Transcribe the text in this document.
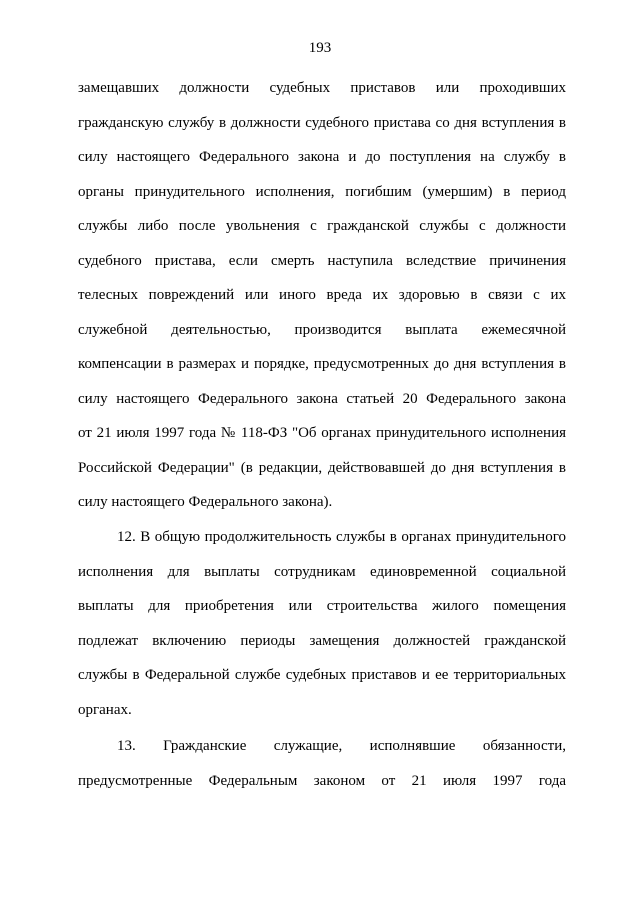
193

замещавших должности судебных приставов или проходивших

гражданскую службу в должности судебного пристава со дня вступления в

силу настоящего Федерального закона и до поступления на службу в

органы принудительного исполнения, погибшим (умершим) в период

службы либо после увольнения с гражданской службы с должности

судебного пристава, если смерть наступила вследствие причинения

телесных повреждений или иного вреда их здоровью в связи с их

служебной деятельностью, производится выплата ежемесячной

компенсации в размерах и порядке, предусмотренных до дня вступления в

силу настоящего Федерального закона статьей 20 Федерального закона

от 21 июля 1997 года № 118-ФЗ "Об органах принудительного исполнения

Российской Федерации" (в редакции, действовавшей до дня вступления в

силу настоящего Федерального закона).

12. В общую продолжительность службы в органах принудительного

исполнения для выплаты сотрудникам единовременной социальной

выплаты для приобретения или строительства жилого помещения

подлежат включению периоды замещения должностей гражданской

службы в Федеральной службе судебных приставов и ее территориальных

органах.

13. Гражданские служащие, исполнявшие обязанности,

предусмотренные Федеральным законом от 21 июля 1997 года
